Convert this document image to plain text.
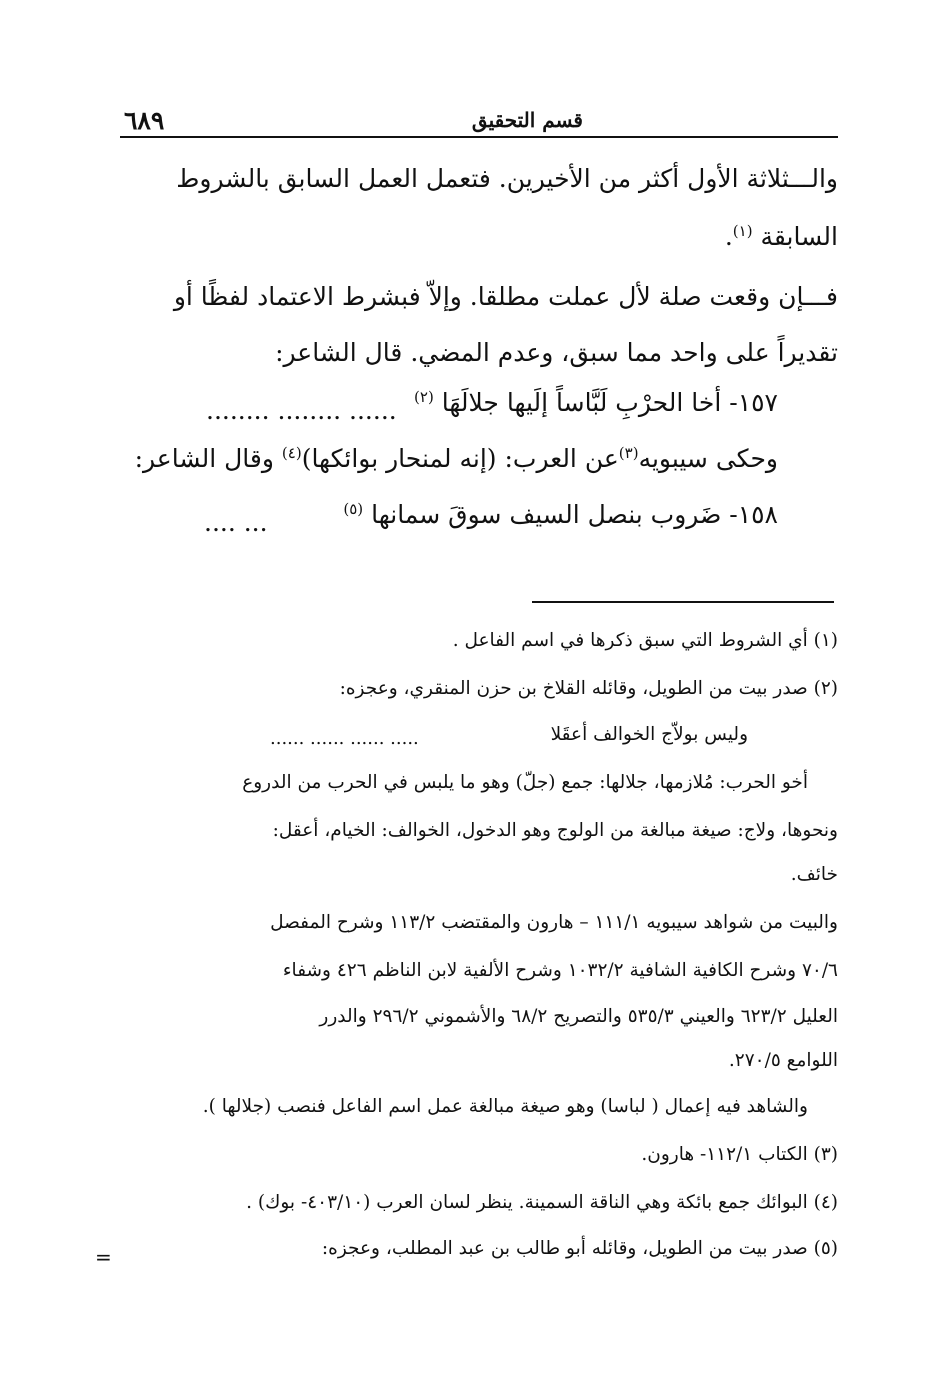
قسم التحقيق
٦٨٩
والـــثلاثة الأول أكثر من الأخيرين. فتعمل العمل السابق بالشروط
السابقة $^{(١)}$.
فـــإن وقعت صلة لأل عملت مطلقا. وإلاّ فبشرط الاعتماد لفظًا أو
تقديراً على واحد مما سبق، وعدم المضي. قال الشاعر:
١٥٧- أخا الحرْبِ لَبَّاساً إلَيها جلالَهَا $^{(٢)}$
...... ........ ........
وحكى سيبويه$^{(٣)}$عن العرب: (إنه لمنحار بوائكها)$^{(٤)}$ وقال الشاعر:
١٥٨- ضَروب بنصل السيف سوقَ سمانها $^{(٥)}$
... ....
(١) أي الشروط التي سبق ذكرها في اسم الفاعل .
(٢) صدر بيت من الطويل، وقائله القلاخ بن حزن المنقري، وعجزه:
وليس بولاّج الخوالف أعقَلا
..... ...... ...... ......
أخو الحرب: مُلازمها، جلالها: جمع (جلّ) وهو ما يلبس في الحرب من الدروع
ونحوها، ولاج: صيغة مبالغة من الولوج وهو الدخول، الخوالف: الخيام، أعقل:
خائف.
والبيت من شواهد سيبويه ١١١/١ – هارون والمقتضب ١١٣/٢ وشرح المفصل
٧٠/٦ وشرح الكافية الشافية ١٠٣٢/٢ وشرح الألفية لابن الناظم ٤٢٦ وشفاء
العليل ٦٢٣/٢ والعيني ٥٣٥/٣ والتصريح ٦٨/٢ والأشموني ٢٩٦/٢ والدرر
اللوامع ٢٧٠/٥.
والشاهد فيه إعمال ( لباسا) وهو صيغة مبالغة عمل اسم الفاعل فنصب (جلالها ).
(٣) الكتاب ١١٢/١- هارون.
(٤) البوائك جمع بائكة وهي الناقة السمينة. ينظر لسان العرب (٤٠٣/١٠- بوك) .
(٥) صدر بيت من الطويل، وقائله أبو طالب بن عبد المطلب، وعجزه:
=
